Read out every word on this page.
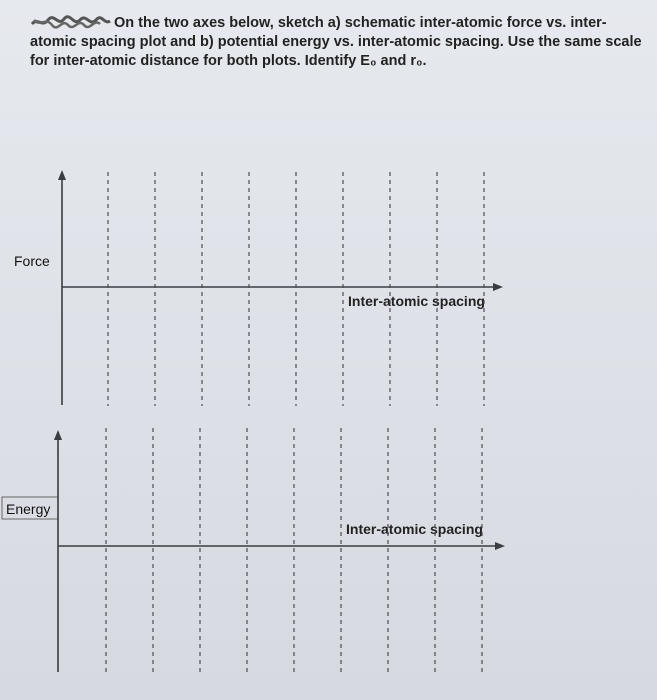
On the two axes below, sketch a) schematic inter-atomic force vs. inter-atomic spacing plot and b) potential energy vs. inter-atomic spacing. Use the same scale for inter-atomic distance for both plots. Identify E₀ and r₀.
Force
Energy
Inter-atomic spacing
Inter-atomic spacing
